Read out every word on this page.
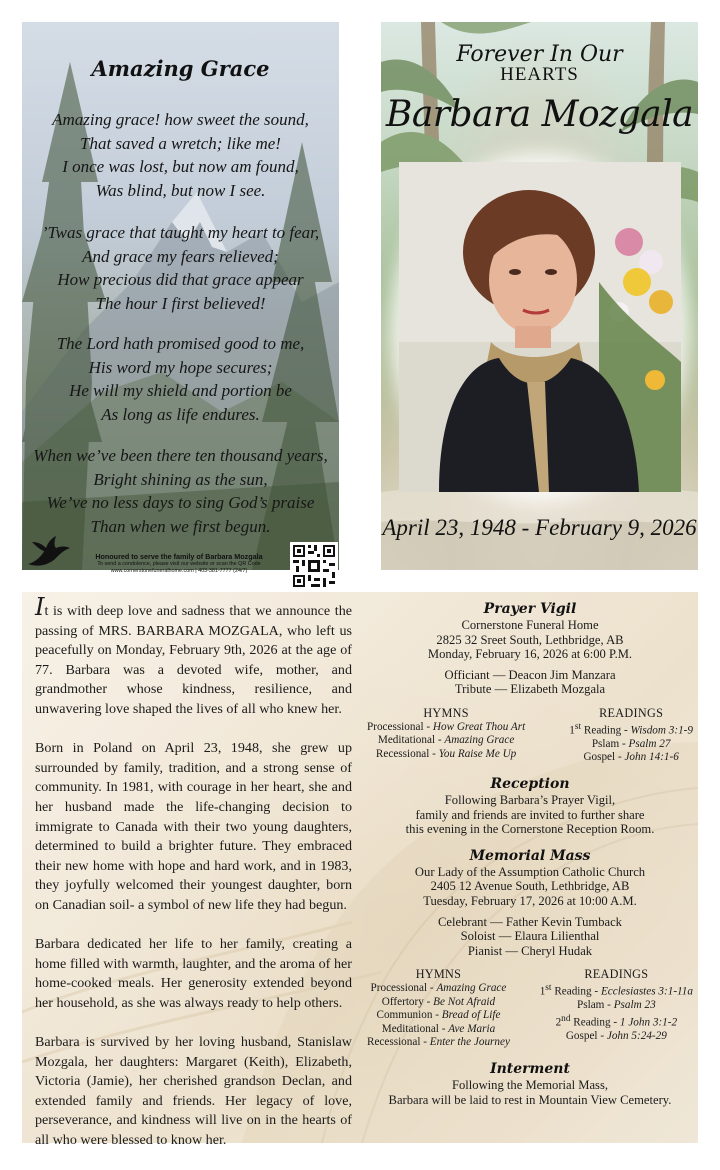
Amazing Grace

Amazing grace! how sweet the sound,

That saved a wretch; like me!

I once was lost, but now am found,

Was blind, but now I see.

’Twas grace that taught my heart to fear,

And grace my fears relieved;

How precious did that grace appear

The hour I first believed!

The Lord hath promised good to me,

His word my hope secures;

He will my shield and portion be

As long as life endures.

When we’ve been there ten thousand years,

Bright shining as the sun,

We’ve no less days to sing God’s praise

Than when we first begun.

Honoured to serve the family of Barbara Mozgala
To send a condolence, please visit our website or scan the QR Code
www.cornerstonefuneralhome.com | 403-381-7777 (24/7)
Forever In Our
HEARTS
Barbara Mozgala
April 23, 1948 - February 9, 2026

It is with deep love and sadness that we announce the passing of MRS. BARBARA MOZGALA, who left us peacefully on Monday, February 9th, 2026 at the age of 77. Barbara was a devoted wife, mother, and grandmother whose kindness, resilience, and unwavering love shaped the lives of all who knew her.

Born in Poland on April 23, 1948, she grew up surrounded by family, tradition, and a strong sense of community. In 1981, with courage in her heart, she and her husband made the life-changing decision to immigrate to Canada with their two young daughters, determined to build a brighter future. They embraced their new home with hope and hard work, and in 1983, they joyfully welcomed their youngest daughter, born on Canadian soil- a symbol of new life they had begun.

Barbara dedicated her life to her family, creating a home filled with warmth, laughter, and the aroma of her home-cooked meals. Her generosity extended beyond her household, as she was always ready to help others.

Barbara is survived by her loving husband, Stanislaw Mozgala, her daughters: Margaret (Keith), Elizabeth, Victoria (Jamie), her cherished grandson Declan, and extended family and friends. Her legacy of love, perseverance, and kindness will live on in the hearts of all who were blessed to know her.

Prayer Vigil
Cornerstone Funeral Home
2825 32 Sreet South, Lethbridge, AB
Monday, February 16, 2026 at 6:00 P.M.
Officiant — Deacon Jim Manzara
Tribute — Elizabeth Mozgala
HYMNS
Processional - How Great Thou Art
Meditational - Amazing Grace
Recessional - You Raise Me Up
READINGS
1st Reading - Wisdom 3:1-9
Pslam - Psalm 27
Gospel - John 14:1-6
Reception
Following Barbara’s Prayer Vigil,
family and friends are invited to further share
this evening in the Cornerstone Reception Room.
Memorial Mass
Our Lady of the Assumption Catholic Church
2405 12 Avenue South, Lethbridge, AB
Tuesday, February 17, 2026 at 10:00 A.M.
Celebrant — Father Kevin Tumback
Soloist — Elaura Lilienthal
Pianist — Cheryl Hudak
HYMNS
Processional - Amazing Grace
Offertory - Be Not Afraid
Communion - Bread of Life
Meditational - Ave Maria
Recessional - Enter the Journey
READINGS
1st Reading - Ecclesiastes 3:1-11a
Pslam - Psalm 23
2nd Reading - 1 John 3:1-2
Gospel - John 5:24-29
Interment
Following the Memorial Mass,
Barbara will be laid to rest in Mountain View Cemetery.
